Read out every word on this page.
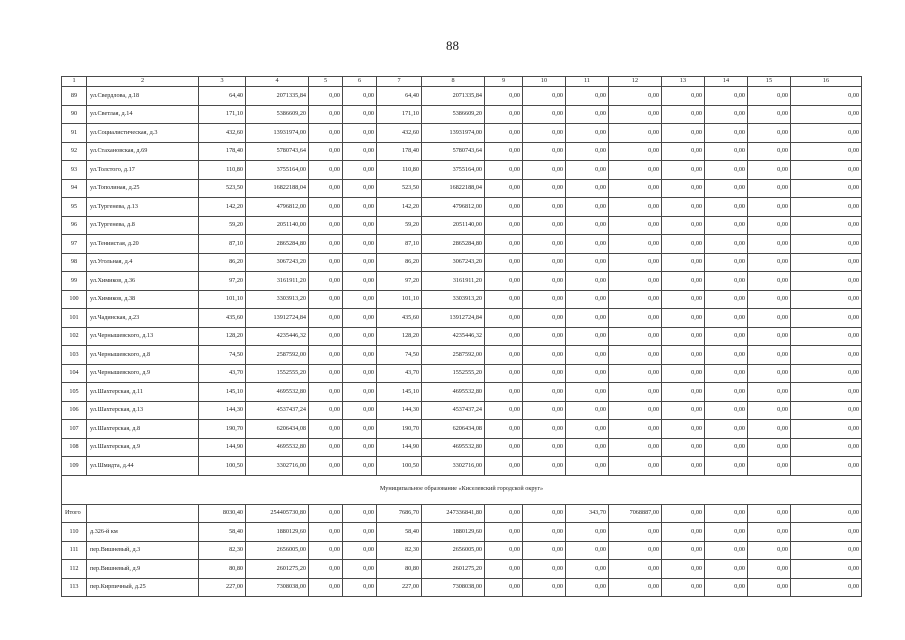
88
1	2	3	4	5	6	7	8	9	10	11	12	13	14	15	16
89	ул.Свердлова, д.18	64,40	2071335,84	0,00	0,00	64,40	2071335,84	0,00	0,00	0,00	0,00	0,00	0,00	0,00	0,00
90	ул.Светлая, д.14	171,10	5386609,20	0,00	0,00	171,10	5386609,20	0,00	0,00	0,00	0,00	0,00	0,00	0,00	0,00
91	ул.Социалистическая, д.3	432,60	13931974,00	0,00	0,00	432,60	13931974,00	0,00	0,00	0,00	0,00	0,00	0,00	0,00	0,00
92	ул.Стахановская, д.69	178,40	5780743,64	0,00	0,00	178,40	5780743,64	0,00	0,00	0,00	0,00	0,00	0,00	0,00	0,00
93	ул.Толстого, д.17	110,80	3755164,00	0,00	0,00	110,80	3755164,00	0,00	0,00	0,00	0,00	0,00	0,00	0,00	0,00
94	ул.Тополиная, д.25	523,50	16822188,04	0,00	0,00	523,50	16822188,04	0,00	0,00	0,00	0,00	0,00	0,00	0,00	0,00
95	ул.Тургенева, д.13	142,20	4796812,00	0,00	0,00	142,20	4796812,00	0,00	0,00	0,00	0,00	0,00	0,00	0,00	0,00
96	ул.Тургенева, д.8	59,20	2051140,00	0,00	0,00	59,20	2051140,00	0,00	0,00	0,00	0,00	0,00	0,00	0,00	0,00
97	ул.Тениистая, д.20	87,10	2865284,80	0,00	0,00	87,10	2865284,80	0,00	0,00	0,00	0,00	0,00	0,00	0,00	0,00
98	ул.Угольная, д.4	86,20	3067243,20	0,00	0,00	86,20	3067243,20	0,00	0,00	0,00	0,00	0,00	0,00	0,00	0,00
99	ул.Химиков, д.36	97,20	3161911,20	0,00	0,00	97,20	3161911,20	0,00	0,00	0,00	0,00	0,00	0,00	0,00	0,00
100	ул.Химиков, д.38	101,10	3303913,20	0,00	0,00	101,10	3303913,20	0,00	0,00	0,00	0,00	0,00	0,00	0,00	0,00
101	ул.Чадинская, д.23	435,60	13912724,84	0,00	0,00	435,60	13912724,84	0,00	0,00	0,00	0,00	0,00	0,00	0,00	0,00
102	ул.Чернышевского, д.13	128,20	4235446,32	0,00	0,00	128,20	4235446,32	0,00	0,00	0,00	0,00	0,00	0,00	0,00	0,00
103	ул.Чернышевского, д.8	74,50	2587592,00	0,00	0,00	74,50	2587592,00	0,00	0,00	0,00	0,00	0,00	0,00	0,00	0,00
104	ул.Чернышевского, д.9	43,70	1552555,20	0,00	0,00	43,70	1552555,20	0,00	0,00	0,00	0,00	0,00	0,00	0,00	0,00
105	ул.Шахтерская, д.11	145,10	4695532,80	0,00	0,00	145,10	4695532,80	0,00	0,00	0,00	0,00	0,00	0,00	0,00	0,00
106	ул.Шахтерская, д.13	144,30	4537437,24	0,00	0,00	144,30	4537437,24	0,00	0,00	0,00	0,00	0,00	0,00	0,00	0,00
107	ул.Шахтерская, д.8	190,70	6206434,08	0,00	0,00	190,70	6206434,08	0,00	0,00	0,00	0,00	0,00	0,00	0,00	0,00
108	ул.Шахтерская, д.9	144,90	4695532,80	0,00	0,00	144,90	4695532,80	0,00	0,00	0,00	0,00	0,00	0,00	0,00	0,00
109	ул.Шмидта, д.44	100,50	3302716,00	0,00	0,00	100,50	3302716,00	0,00	0,00	0,00	0,00	0,00	0,00	0,00	0,00
Муниципальное образование «Киселевский городской округ»															
Итого		8030,40	254405730,80	0,00	0,00	7686,70	247336841,80	0,00	0,00	343,70	7068887,00	0,00	0,00	0,00	0,00
110	д.326-й км	58,40	1880129,60	0,00	0,00	58,40	1880129,60	0,00	0,00	0,00	0,00	0,00	0,00	0,00	0,00
111	пер.Вишневый, д.3	82,30	2656005,00	0,00	0,00	82,30	2656005,00	0,00	0,00	0,00	0,00	0,00	0,00	0,00	0,00
112	пер.Вишневый, д.9	80,80	2601275,20	0,00	0,00	80,80	2601275,20	0,00	0,00	0,00	0,00	0,00	0,00	0,00	0,00
113	пер.Кирпичный, д.25	227,00	7308038,00	0,00	0,00	227,00	7308038,00	0,00	0,00	0,00	0,00	0,00	0,00	0,00	0,00
